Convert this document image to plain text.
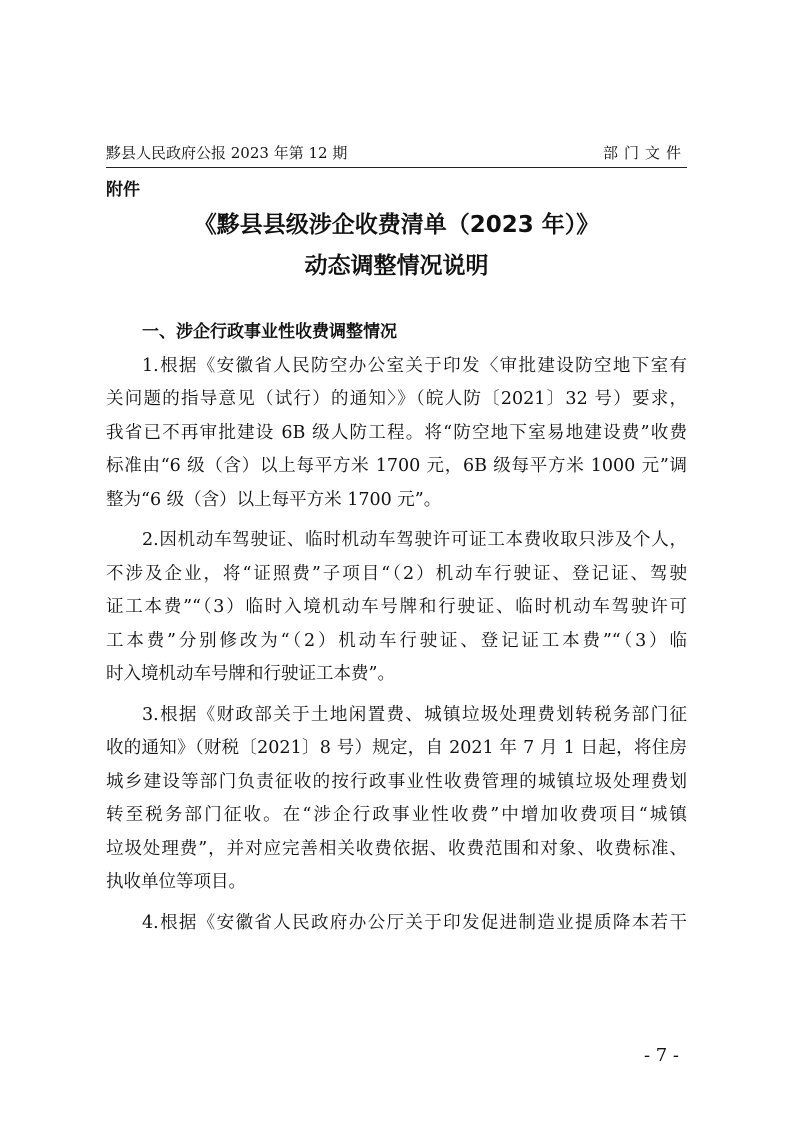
黟县人民政府公报 2023 年第 12 期	部门文件
附件
《黟县县级涉企收费清单（2023 年）》
动态调整情况说明
一、涉企行政事业性收费调整情况
1.根据《安徽省人民防空办公室关于印发〈审批建设防空地下室有
关问题的指导意见（试行）的通知〉》（皖人防〔2021〕32 号）要求，
我省已不再审批建设 6B 级人防工程。将“防空地下室易地建设费”收费
标准由“6 级（含）以上每平方米 1700 元，6B 级每平方米 1000 元”调
整为“6 级（含）以上每平方米 1700 元”。
2.因机动车驾驶证、临时机动车驾驶许可证工本费收取只涉及个人，
不涉及企业，将“证照费”子项目“（2）机动车行驶证、登记证、驾驶
证工本费”“（3）临时入境机动车号牌和行驶证、临时机动车驾驶许可
工本费”分别修改为“（2）机动车行驶证、登记证工本费”“（3）临
时入境机动车号牌和行驶证工本费”。
3.根据《财政部关于土地闲置费、城镇垃圾处理费划转税务部门征
收的通知》（财税〔2021〕8 号）规定，自 2021 年 7 月 1 日起，将住房
城乡建设等部门负责征收的按行政事业性收费管理的城镇垃圾处理费划
转至税务部门征收。在“涉企行政事业性收费”中增加收费项目“城镇
垃圾处理费”，并对应完善相关收费依据、收费范围和对象、收费标准、
执收单位等项目。
4.根据《安徽省人民政府办公厅关于印发促进制造业提质降本若干
- 7 -
